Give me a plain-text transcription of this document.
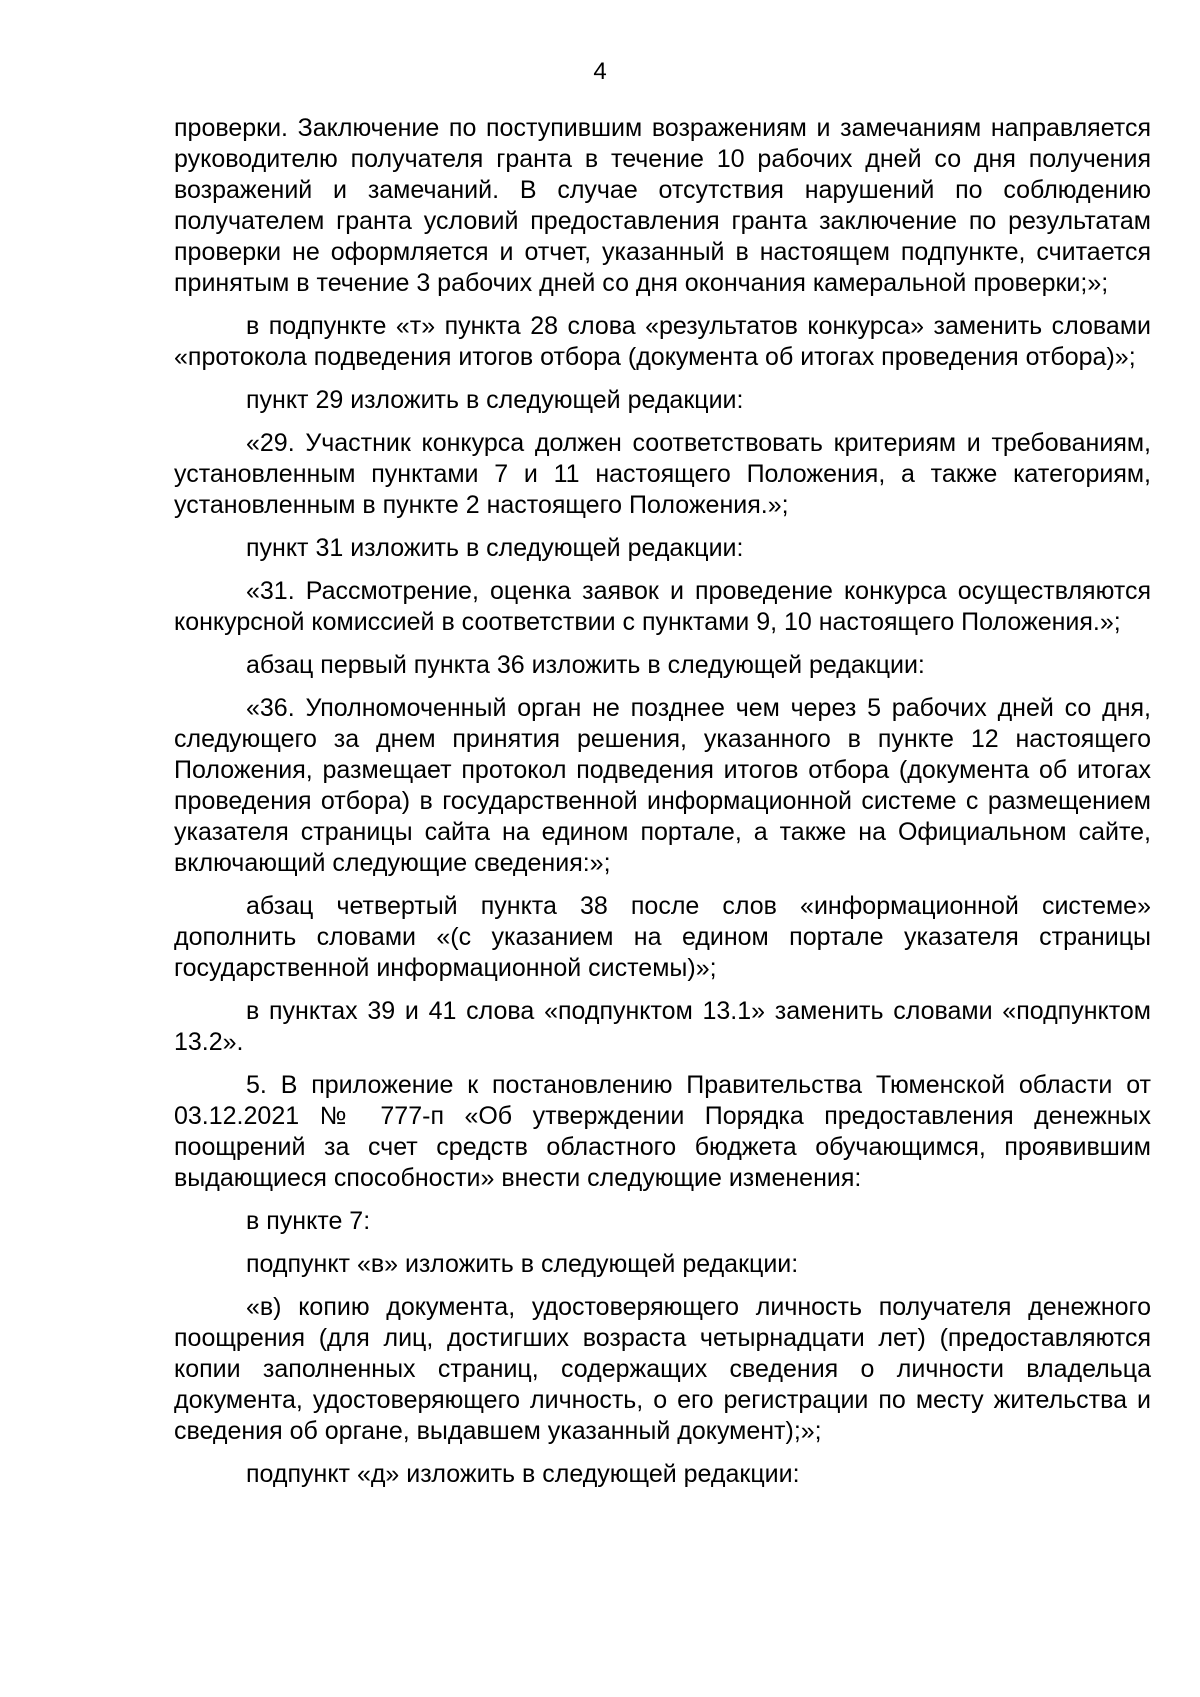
4

проверки. Заключение по поступившим возражениям и замечаниям направляется руководителю получателя гранта в течение 10 рабочих дней со дня получения возражений и замечаний. В случае отсутствия нарушений по соблюдению получателем гранта условий предоставления гранта заключение по результатам проверки не оформляется и отчет, указанный в настоящем подпункте, считается принятым в течение 3 рабочих дней со дня окончания камеральной проверки;»;

в подпункте «т» пункта 28 слова «результатов конкурса» заменить словами «протокола подведения итогов отбора (документа об итогах проведения отбора)»;

пункт 29 изложить в следующей редакции:

«29. Участник конкурса должен соответствовать критериям и требованиям, установленным пунктами 7 и 11 настоящего Положения, а также категориям, установленным в пункте 2 настоящего Положения.»;

пункт 31 изложить в следующей редакции:

«31. Рассмотрение, оценка заявок и проведение конкурса осуществляются конкурсной комиссией в соответствии с пунктами 9, 10 настоящего Положения.»;

абзац первый пункта 36 изложить в следующей редакции:

«36. Уполномоченный орган не позднее чем через 5 рабочих дней со дня, следующего за днем принятия решения, указанного в пункте 12 настоящего Положения, размещает протокол подведения итогов отбора (документа об итогах проведения отбора) в государственной информационной системе с размещением указателя страницы сайта на едином портале, а также на Официальном сайте, включающий следующие сведения:»;

абзац четвертый пункта 38 после слов «информационной системе» дополнить словами «(с указанием на едином портале указателя страницы государственной информационной системы)»;

в пунктах 39 и 41 слова «подпунктом 13.1» заменить словами «подпунктом 13.2».

5. В приложение к постановлению Правительства Тюменской области от 03.12.2021 № 777-п «Об утверждении Порядка предоставления денежных поощрений за счет средств областного бюджета обучающимся, проявившим выдающиеся способности» внести следующие изменения:

в пункте 7:

подпункт «в» изложить в следующей редакции:

«в) копию документа, удостоверяющего личность получателя денежного поощрения (для лиц, достигших возраста четырнадцати лет) (предоставляются копии заполненных страниц, содержащих сведения о личности владельца документа, удостоверяющего личность, о его регистрации по месту жительства и сведения об органе, выдавшем указанный документ);»;

подпункт «д» изложить в следующей редакции:
